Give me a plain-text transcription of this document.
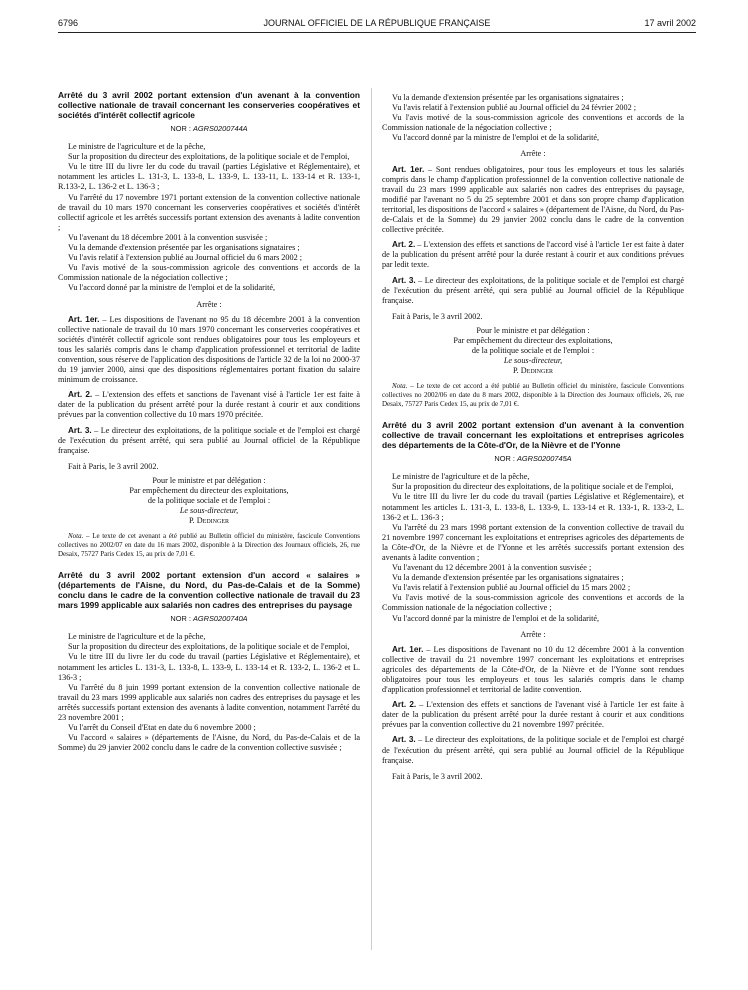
6796	JOURNAL OFFICIEL DE LA RÉPUBLIQUE FRANÇAISE	17 avril 2002
Arrêté du 3 avril 2002 portant extension d'un avenant à la convention collective nationale de travail concernant les conserveries coopératives et sociétés d'intérêt collectif agricole
NOR : AGRS0200744A

Le ministre de l'agriculture et de la pêche,

Sur la proposition du directeur des exploitations, de la politique sociale et de l'emploi,

Vu le titre III du livre Ier du code du travail (parties Législative et Réglementaire), et notamment les articles L. 131-3, L. 133-8, L. 133-9, L. 133-11, L. 133-14 et R. 133-1, R.133-2, L. 136-2 et L. 136-3 ;

Vu l'arrêté du 17 novembre 1971 portant extension de la convention collective nationale de travail du 10 mars 1970 concernant les conserveries coopératives et sociétés d'intérêt collectif agricole et les arrêtés successifs portant extension des avenants à ladite convention ;

Vu l'avenant du 18 décembre 2001 à la convention susvisée ;

Vu la demande d'extension présentée par les organisations signataires ;

Vu l'avis relatif à l'extension publié au Journal officiel du 6 mars 2002 ;

Vu l'avis motivé de la sous-commission agricole des conventions et accords de la Commission nationale de la négociation collective ;

Vu l'accord donné par la ministre de l'emploi et de la solidarité,

Arrête :

Art. 1er. – Les dispositions de l'avenant no 95 du 18 décembre 2001 à la convention collective nationale de travail du 10 mars 1970 concernant les conserveries coopératives et sociétés d'intérêt collectif agricole sont rendues obligatoires pour tous les employeurs et tous les salariés compris dans le champ d'application professionnel et territorial de ladite convention, sous réserve de l'application des dispositions de l'article 32 de la loi no 2000-37 du 19 janvier 2000, ainsi que des dispositions réglementaires portant fixation du salaire minimum de croissance.

Art. 2. – L'extension des effets et sanctions de l'avenant visé à l'article 1er est faite à dater de la publication du présent arrêté pour la durée restant à courir et aux conditions prévues par la convention collective du 10 mars 1970 précitée.

Art. 3. – Le directeur des exploitations, de la politique sociale et de l'emploi est chargé de l'exécution du présent arrêté, qui sera publié au Journal officiel de la République française.

Fait à Paris, le 3 avril 2002.

Pour le ministre et par délégation :
Par empêchement du directeur des exploitations,
de la politique sociale et de l'emploi :
Le sous-directeur,
P. Dedinger
Nota. – Le texte de cet avenant a été publié au Bulletin officiel du ministère, fascicule Conventions collectives no 2002/07 en date du 16 mars 2002, disponible à la Direction des Journaux officiels, 26, rue Desaix, 75727 Paris Cedex 15, au prix de 7,01 €.
Arrêté du 3 avril 2002 portant extension d'un accord « salaires » (départements de l'Aisne, du Nord, du Pas-de-Calais et de la Somme) conclu dans le cadre de la convention collective nationale de travail du 23 mars 1999 applicable aux salariés non cadres des entreprises du paysage
NOR : AGRS0200740A

Le ministre de l'agriculture et de la pêche,

Sur la proposition du directeur des exploitations, de la politique sociale et de l'emploi,

Vu le titre III du livre Ier du code du travail (parties Législative et Réglementaire), et notamment les articles L. 131-3, L. 133-8, L. 133-9, L. 133-14 et R. 133-2, L. 136-2 et L. 136-3 ;

Vu l'arrêté du 8 juin 1999 portant extension de la convention collective nationale de travail du 23 mars 1999 applicable aux salariés non cadres des entreprises du paysage et les arrêtés successifs portant extension des avenants à ladite convention, notamment l'arrêté du 23 novembre 2001 ;

Vu l'arrêt du Conseil d'Etat en date du 6 novembre 2000 ;

Vu l'accord « salaires » (départements de l'Aisne, du Nord, du Pas-de-Calais et de la Somme) du 29 janvier 2002 conclu dans le cadre de la convention collective susvisée ;

Vu la demande d'extension présentée par les organisations signataires ;

Vu l'avis relatif à l'extension publié au Journal officiel du 24 février 2002 ;

Vu l'avis motivé de la sous-commission agricole des conventions et accords de la Commission nationale de la négociation collective ;

Vu l'accord donné par la ministre de l'emploi et de la solidarité,

Arrête :

Art. 1er. – Sont rendues obligatoires, pour tous les employeurs et tous les salariés compris dans le champ d'application professionnel de la convention collective nationale de travail du 23 mars 1999 applicable aux salariés non cadres des entreprises du paysage, modifié par l'avenant no 5 du 25 septembre 2001 et dans son propre champ d'application territorial, les dispositions de l'accord « salaires » (département de l'Aisne, du Nord, du Pas-de-Calais et de la Somme) du 29 janvier 2002 conclu dans le cadre de la convention collective précitée.

Art. 2. – L'extension des effets et sanctions de l'accord visé à l'article 1er est faite à dater de la publication du présent arrêté pour la durée restant à courir et aux conditions prévues par ledit texte.

Art. 3. – Le directeur des exploitations, de la politique sociale et de l'emploi est chargé de l'exécution du présent arrêté, qui sera publié au Journal officiel de la République française.

Fait à Paris, le 3 avril 2002.

Pour le ministre et par délégation :
Par empêchement du directeur des exploitations,
de la politique sociale et de l'emploi :
Le sous-directeur,
P. Dedinger
Nota. – Le texte de cet accord a été publié au Bulletin officiel du ministère, fascicule Conventions collectives no 2002/06 en date du 8 mars 2002, disponible à la Direction des Journaux officiels, 26, rue Desaix, 75727 Paris Cedex 15, au prix de 7,01 €.
Arrêté du 3 avril 2002 portant extension d'un avenant à la convention collective de travail concernant les exploitations et entreprises agricoles des départements de la Côte-d'Or, de la Nièvre et de l'Yonne
NOR : AGRS0200745A

Le ministre de l'agriculture et de la pêche,

Sur la proposition du directeur des exploitations, de la politique sociale et de l'emploi,

Vu le titre III du livre Ier du code du travail (parties Législative et Réglementaire), et notamment les articles L. 131-3, L. 133-8, L. 133-9, L. 133-14 et R. 133-1, R. 133-2, L. 136-2 et L. 136-3 ;

Vu l'arrêté du 23 mars 1998 portant extension de la convention collective de travail du 21 novembre 1997 concernant les exploitations et entreprises agricoles des départements de la Côte-d'Or, de la Nièvre et de l'Yonne et les arrêtés successifs portant extension des avenants à ladite convention ;

Vu l'avenant du 12 décembre 2001 à la convention susvisée ;

Vu la demande d'extension présentée par les organisations signataires ;

Vu l'avis relatif à l'extension publié au Journal officiel du 15 mars 2002 ;

Vu l'avis motivé de la sous-commission agricole des conventions et accords de la Commission nationale de la négociation collective ;

Vu l'accord donné par la ministre de l'emploi et de la solidarité,

Arrête :

Art. 1er. – Les dispositions de l'avenant no 10 du 12 décembre 2001 à la convention collective de travail du 21 novembre 1997 concernant les exploitations et entreprises agricoles des départements de la Côte-d'Or, de la Nièvre et de l'Yonne sont rendues obligatoires pour tous les employeurs et tous les salariés compris dans le champ d'application professionnel et territorial de ladite convention.

Art. 2. – L'extension des effets et sanctions de l'avenant visé à l'article 1er est faite à dater de la publication du présent arrêté pour la durée restant à courir et aux conditions prévues par la convention collective du 21 novembre 1997 précitée.

Art. 3. – Le directeur des exploitations, de la politique sociale et de l'emploi est chargé de l'exécution du présent arrêté, qui sera publié au Journal officiel de la République française.

Fait à Paris, le 3 avril 2002.
